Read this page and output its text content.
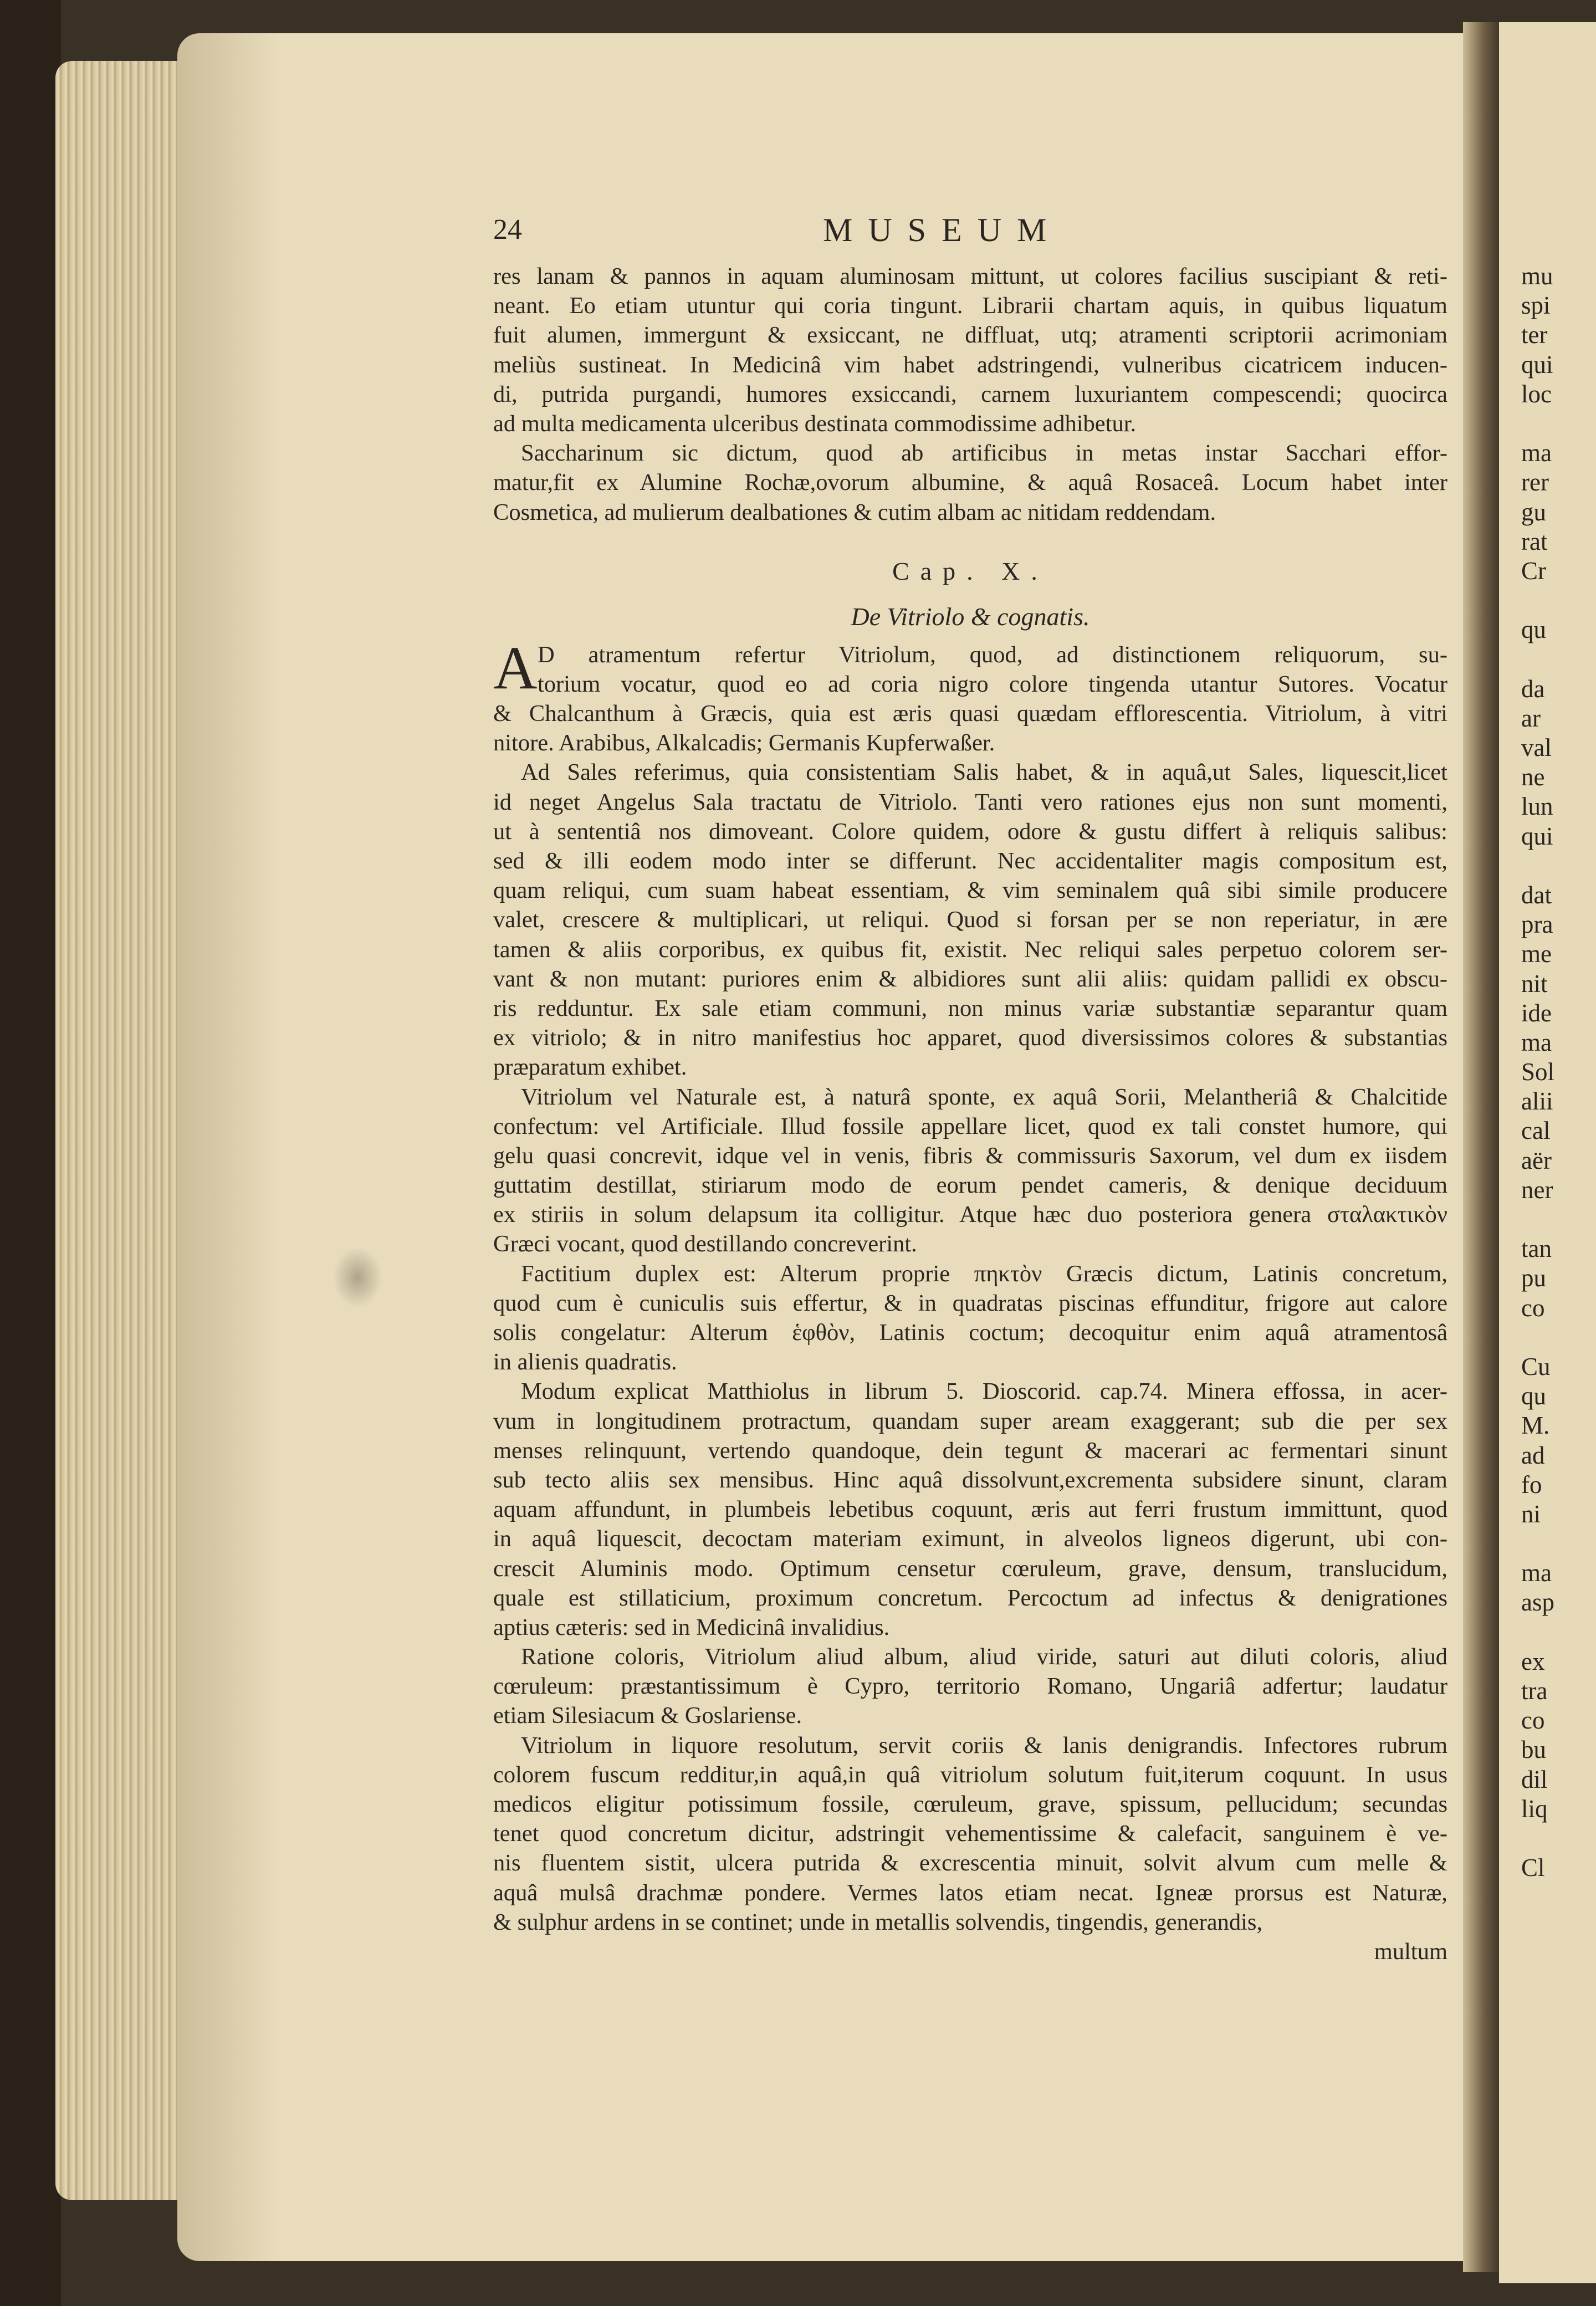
mu
spi
ter
qui
loc
ma
rer
gu
rat
Cr
qu
da
ar
val
ne
lun
qui
dat
pra
me
nit
ide
ma
Sol
alii
cal
aër
ner
tan
pu
co
Cu
qu
M.
ad
fo
ni
ma
asp
ex
tra
co
bu
dil
liq
Cl
24	MUSEUM
res lanam & pannos in aquam aluminosam mittunt, ut colores facilius suscipiant & reti-
neant. Eo etiam utuntur qui coria tingunt. Librarii chartam aquis, in quibus liquatum
fuit alumen, immergunt & exsiccant, ne diffluat, utq; atramenti scriptorii acrimoniam
meliùs sustineat. In Medicinâ vim habet adstringendi, vulneribus cicatricem inducen-
di, putrida purgandi, humores exsiccandi, carnem luxuriantem compescendi; quocirca
ad multa medicamenta ulceribus destinata commodissime adhibetur.
Saccharinum sic dictum, quod ab artificibus in metas instar Sacchari effor-
matur,fit ex Alumine Rochæ,ovorum albumine, & aquâ Rosaceâ. Locum habet inter
Cosmetica, ad mulierum dealbationes & cutim albam ac nitidam reddendam.
Cap. X.
De Vitriolo & cognatis.
A D atramentum refertur Vitriolum, quod, ad distinctionem reliquorum, su-
torium vocatur, quod eo ad coria nigro colore tingenda utantur Sutores. Vocatur
& Chalcanthum à Græcis, quia est æris quasi quædam efflorescentia. Vitriolum, à vitri
nitore. Arabibus, Alkalcadis; Germanis Kupferwaßer.
Ad Sales referimus, quia consistentiam Salis habet, & in aquâ,ut Sales, liquescit,licet
id neget Angelus Sala tractatu de Vitriolo. Tanti vero rationes ejus non sunt momenti,
ut à sententiâ nos dimoveant. Colore quidem, odore & gustu differt à reliquis salibus:
sed & illi eodem modo inter se differunt. Nec accidentaliter magis compositum est,
quam reliqui, cum suam habeat essentiam, & vim seminalem quâ sibi simile producere
valet, crescere & multiplicari, ut reliqui. Quod si forsan per se non reperiatur, in ære
tamen & aliis corporibus, ex quibus fit, existit. Nec reliqui sales perpetuo colorem ser-
vant & non mutant: puriores enim & albidiores sunt alii aliis: quidam pallidi ex obscu-
ris redduntur. Ex sale etiam communi, non minus variæ substantiæ separantur quam
ex vitriolo; & in nitro manifestius hoc apparet, quod diversissimos colores & substantias
præparatum exhibet.
Vitriolum vel Naturale est, à naturâ sponte, ex aquâ Sorii, Melantheriâ & Chalcitide
confectum: vel Artificiale. Illud fossile appellare licet, quod ex tali constet humore, qui
gelu quasi concrevit, idque vel in venis, fibris & commissuris Saxorum, vel dum ex iisdem
guttatim destillat, stiriarum modo de eorum pendet cameris, & denique deciduum
ex stiriis in solum delapsum ita colligitur. Atque hæc duo posteriora genera σταλακτικὸν
Græci vocant, quod destillando concreverint.
Factitium duplex est: Alterum proprie πηκτὸν Græcis dictum, Latinis concretum,
quod cum è cuniculis suis effertur, & in quadratas piscinas effunditur, frigore aut calore
solis congelatur: Alterum ἑφθὸν, Latinis coctum; decoquitur enim aquâ atramentosâ
in alienis quadratis.
Modum explicat Matthiolus in librum 5. Dioscorid. cap.74. Minera effossa, in acer-
vum in longitudinem protractum, quandam super aream exaggerant; sub die per sex
menses relinquunt, vertendo quandoque, dein tegunt & macerari ac fermentari sinunt
sub tecto aliis sex mensibus. Hinc aquâ dissolvunt,excrementa subsidere sinunt, claram
aquam affundunt, in plumbeis lebetibus coquunt, æris aut ferri frustum immittunt, quod
in aquâ liquescit, decoctam materiam eximunt, in alveolos ligneos digerunt, ubi con-
crescit Aluminis modo. Optimum censetur cœruleum, grave, densum, translucidum,
quale est stillaticium, proximum concretum. Percoctum ad infectus & denigrationes
aptius cæteris: sed in Medicinâ invalidius.
Ratione coloris, Vitriolum aliud album, aliud viride, saturi aut diluti coloris, aliud
cœruleum: præstantissimum è Cypro, territorio Romano, Ungariâ adfertur; laudatur
etiam Silesiacum & Goslariense.
Vitriolum in liquore resolutum, servit coriis & lanis denigrandis. Infectores rubrum
colorem fuscum redditur,in aquâ,in quâ vitriolum solutum fuit,iterum coquunt. In usus
medicos eligitur potissimum fossile, cœruleum, grave, spissum, pellucidum; secundas
tenet quod concretum dicitur, adstringit vehementissime & calefacit, sanguinem è ve-
nis fluentem sistit, ulcera putrida & excrescentia minuit, solvit alvum cum melle &
aquâ mulsâ drachmæ pondere. Vermes latos etiam necat. Igneæ prorsus est Naturæ,
& sulphur ardens in se continet; unde in metallis solvendis, tingendis, generandis,
multum
